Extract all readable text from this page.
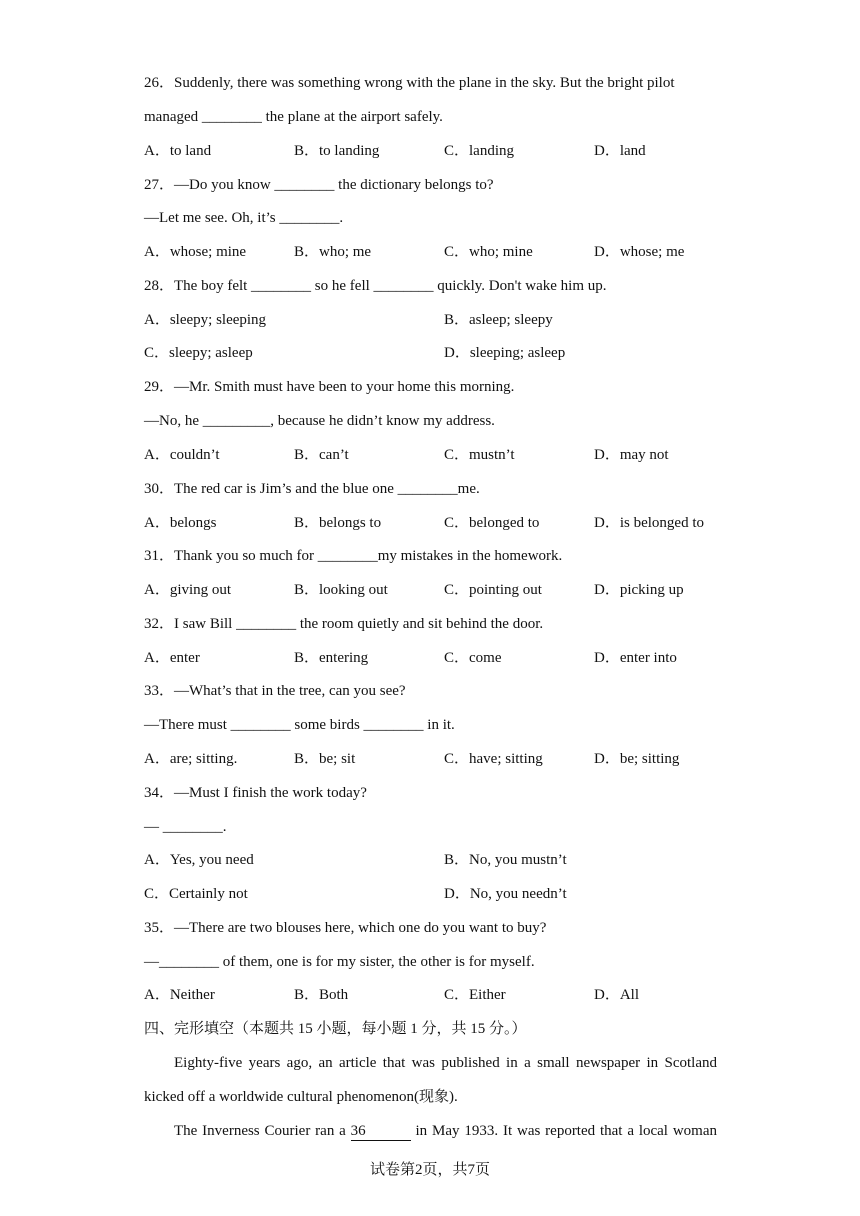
26．Suddenly, there was something wrong with the plane in the sky. But the bright pilot
managed ________ the plane at the airport safely.
A．to land	B．to landing	C．landing	D．land
27．—Do you know ________ the dictionary belongs to?
—Let me see. Oh, it’s ________.
A．whose; mine	B．who; me	C．who; mine	D．whose; me
28．The boy felt ________ so he fell ________ quickly. Don't wake him up.
A．sleepy; sleeping	B．asleep; sleepy
C．sleepy; asleep	D．sleeping; asleep
29．—Mr. Smith must have been to your home this morning.
—No, he _________, because he didn’t know my address.
A．couldn’t	B．can’t	C．mustn’t	D．may not
30．The red car is Jim’s and the blue one ________me.
A．belongs	B．belongs to	C．belonged to	D．is belonged to
31．Thank you so much for ________my mistakes in the homework.
A．giving out	B．looking out	C．pointing out	D．picking up
32．I saw Bill ________ the room quietly and sit behind the door.
A．enter	B．entering	C．come	D．enter into
33．—What’s that in the tree, can you see?
—There must ________ some birds ________ in it.
A．are; sitting.	B．be; sit	C．have; sitting	D．be; sitting
34．—Must I finish the work today?
— ________.
A．Yes, you need	B．No, you mustn’t
C．Certainly not	D．No, you needn’t
35．—There are two blouses here, which one do you want to buy?
—________ of them, one is for my sister, the other is for myself.
A．Neither	B．Both	C．Either	D．All
四、完形填空（本题共 15 小题，每小题 1 分，共 15 分。）
Eighty-five years ago, an article that was published in a small newspaper in Scotland
kicked off a worldwide cultural phenomenon(现象).
The Inverness Courier ran a 36	in May 1933. It was reported that a local woman
试卷第2页，共7页
